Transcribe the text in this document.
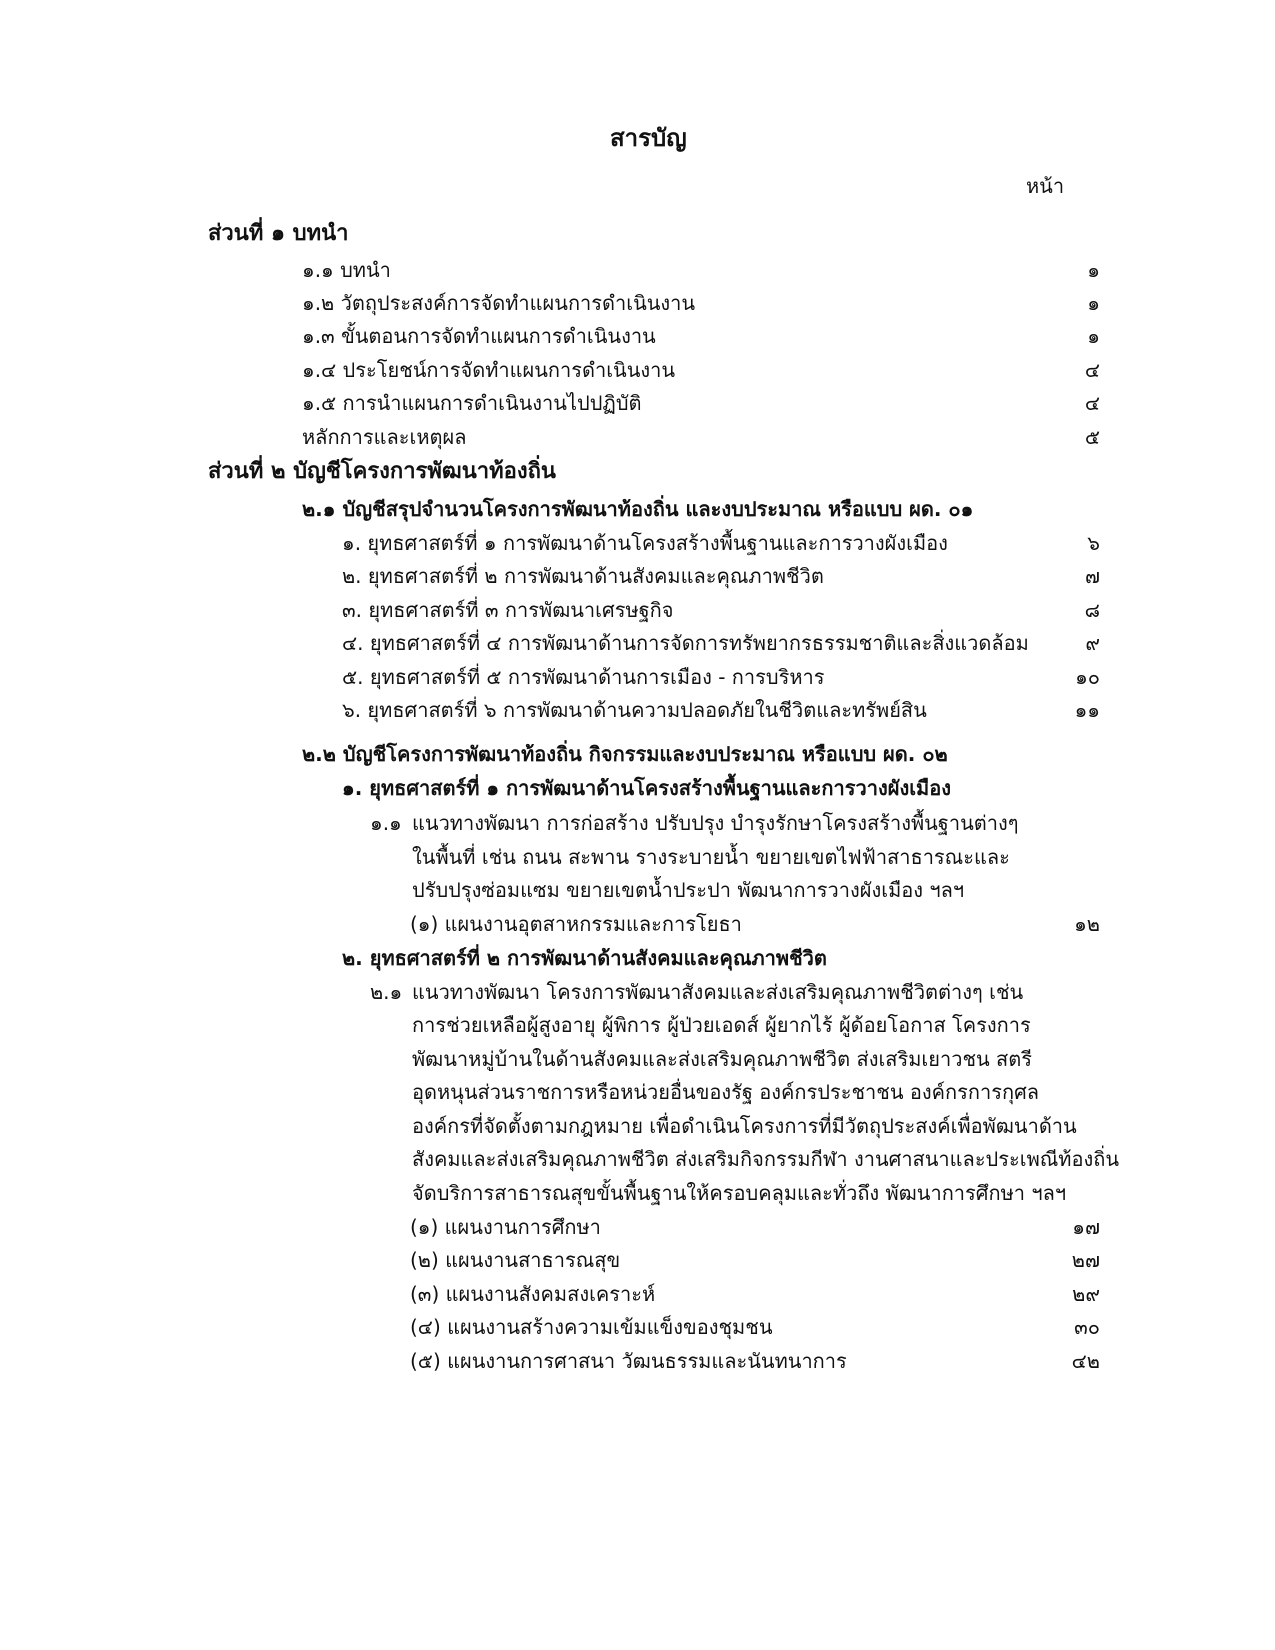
สารบัญ
หน้า
ส่วนที่ ๑ บทนำ
๑.๑ บทนำ	๑
๑.๒ วัตถุประสงค์การจัดทำแผนการดำเนินงาน	๑
๑.๓ ขั้นตอนการจัดทำแผนการดำเนินงาน	๑
๑.๔ ประโยชน์การจัดทำแผนการดำเนินงาน	๔
๑.๕ การนำแผนการดำเนินงานไปปฏิบัติ	๔
หลักการและเหตุผล	๕
ส่วนที่ ๒ บัญชีโครงการพัฒนาท้องถิ่น
๒.๑ บัญชีสรุปจำนวนโครงการพัฒนาท้องถิ่น และงบประมาณ หรือแบบ ผด. ๐๑
๑. ยุทธศาสตร์ที่ ๑ การพัฒนาด้านโครงสร้างพื้นฐานและการวางผังเมือง	๖
๒. ยุทธศาสตร์ที่ ๒ การพัฒนาด้านสังคมและคุณภาพชีวิต	๗
๓. ยุทธศาสตร์ที่ ๓ การพัฒนาเศรษฐกิจ	๘
๔. ยุทธศาสตร์ที่ ๔ การพัฒนาด้านการจัดการทรัพยากรธรรมชาติและสิ่งแวดล้อม	๙
๕. ยุทธศาสตร์ที่ ๕ การพัฒนาด้านการเมือง - การบริหาร	๑๐
๖. ยุทธศาสตร์ที่ ๖ การพัฒนาด้านความปลอดภัยในชีวิตและทรัพย์สิน	๑๑
๒.๒ บัญชีโครงการพัฒนาท้องถิ่น กิจกรรมและงบประมาณ หรือแบบ ผด. ๐๒
๑. ยุทธศาสตร์ที่ ๑ การพัฒนาด้านโครงสร้างพื้นฐานและการวางผังเมือง
๑.๑ แนวทางพัฒนา การก่อสร้าง ปรับปรุง บำรุงรักษาโครงสร้างพื้นฐานต่างๆ
ในพื้นที่ เช่น ถนน สะพาน รางระบายน้ำ ขยายเขตไฟฟ้าสาธารณะและ
ปรับปรุงซ่อมแซม ขยายเขตน้ำประปา พัฒนาการวางผังเมือง ฯลฯ
(๑) แผนงานอุตสาหกรรมและการโยธา	๑๒
๒. ยุทธศาสตร์ที่ ๒ การพัฒนาด้านสังคมและคุณภาพชีวิต
๒.๑ แนวทางพัฒนา โครงการพัฒนาสังคมและส่งเสริมคุณภาพชีวิตต่างๆ เช่น
การช่วยเหลือผู้สูงอายุ ผู้พิการ ผู้ป่วยเอดส์ ผู้ยากไร้ ผู้ด้อยโอกาส โครงการ
พัฒนาหมู่บ้านในด้านสังคมและส่งเสริมคุณภาพชีวิต ส่งเสริมเยาวชน สตรี
อุดหนุนส่วนราชการหรือหน่วยอื่นของรัฐ องค์กรประชาชน องค์กรการกุศล
องค์กรที่จัดตั้งตามกฎหมาย เพื่อดำเนินโครงการที่มีวัตถุประสงค์เพื่อพัฒนาด้าน
สังคมและส่งเสริมคุณภาพชีวิต ส่งเสริมกิจกรรมกีฬา งานศาสนาและประเพณีท้องถิ่น
จัดบริการสาธารณสุขขั้นพื้นฐานให้ครอบคลุมและทั่วถึง พัฒนาการศึกษา ฯลฯ
(๑) แผนงานการศึกษา	๑๗
(๒) แผนงานสาธารณสุข	๒๗
(๓) แผนงานสังคมสงเคราะห์	๒๙
(๔) แผนงานสร้างความเข้มแข็งของชุมชน	๓๐
(๕) แผนงานการศาสนา วัฒนธรรมและนันทนาการ	๔๒
